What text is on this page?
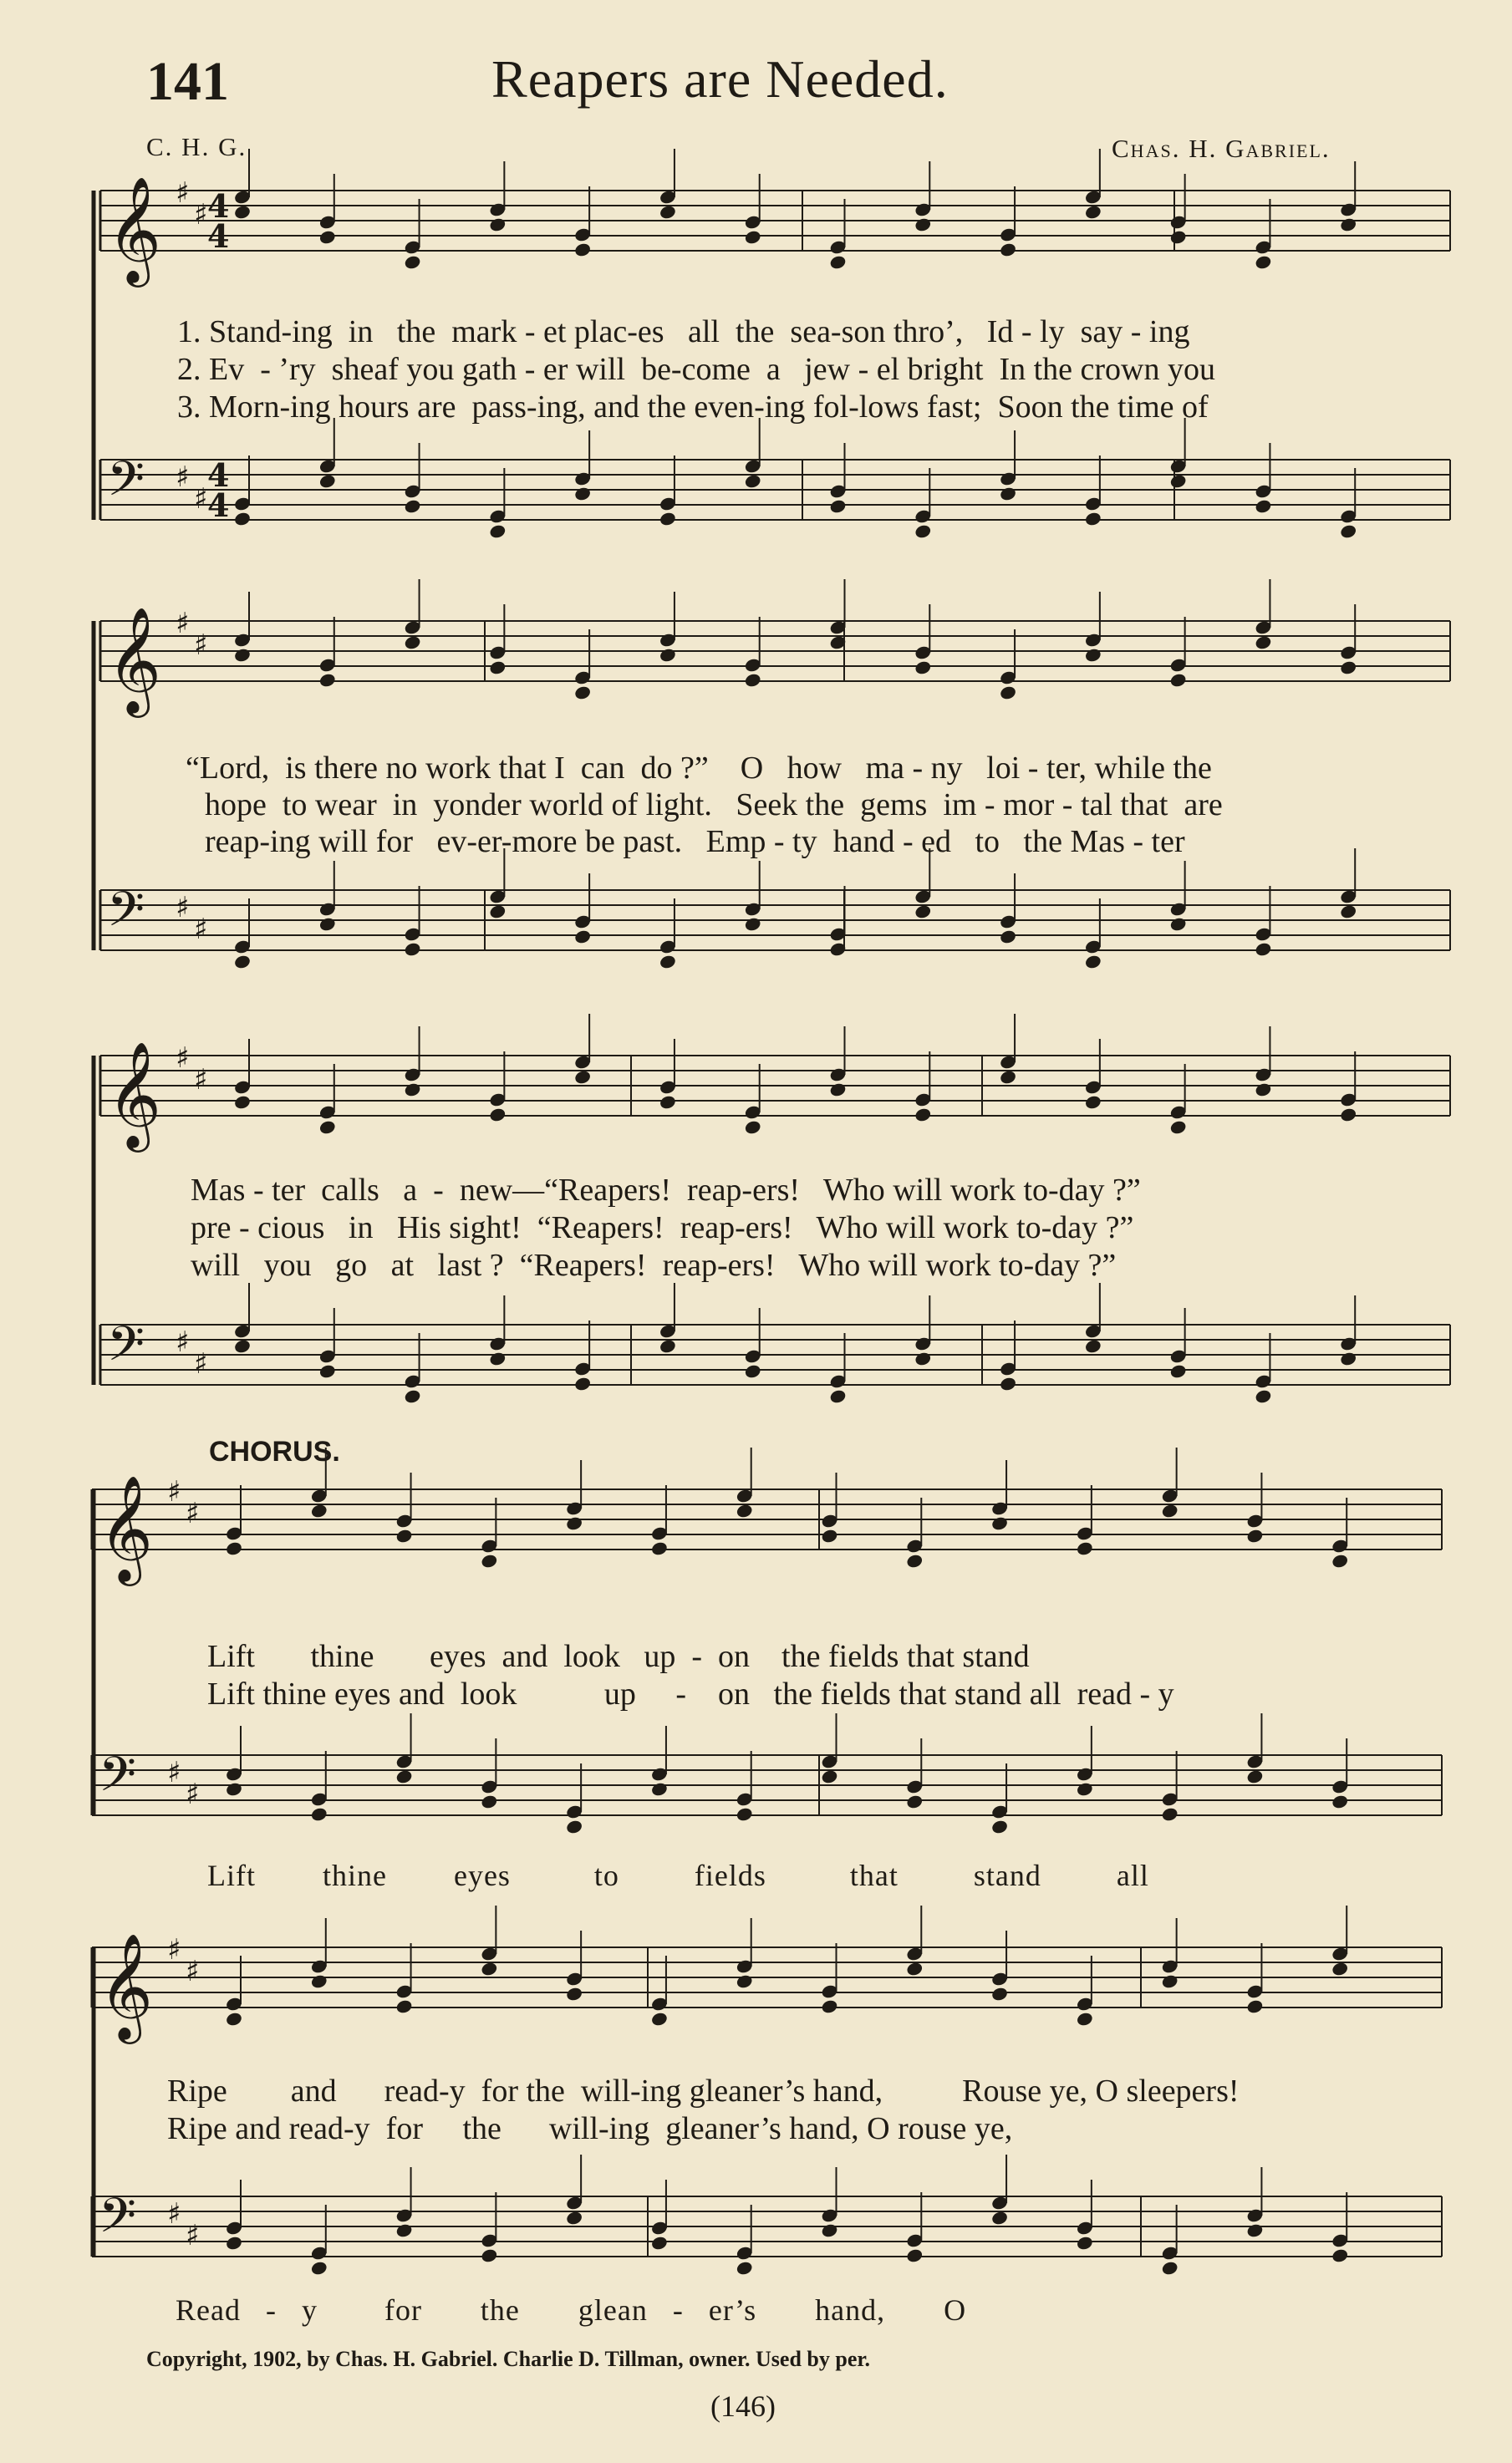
141	Reapers are Needed.
C. H. G.	Chas. H. Gabriel.
𝄞 ♯
♯
𝄢 ♯
♯
𝄞 ♯
♯
𝄢 ♯
♯
𝄞 ♯
♯
𝄢 ♯
♯
𝄞 ♯
♯
𝄢 ♯
♯
𝄞 ♯
♯
𝄢 ♯
♯
4
4
4
4
1. Stand-ing  in   the  mark - et plac-es   all  the  sea-son thro’,   Id - ly  say - ing
2. Ev  - ’ry  sheaf you gath - er will  be-come  a   jew - el bright  In the crown you
3. Morn-ing hours are  pass-ing, and the even-ing fol-lows fast;  Soon the time of
“Lord,  is there no work that I  can  do ?”    O   how   ma - ny   loi - ter, while the
hope  to wear  in  yonder world of light.   Seek the  gems  im - mor - tal that  are
reap-ing will for   ev-er-more be past.   Emp - ty  hand - ed   to   the Mas - ter
Mas - ter  calls   a  -  new—“Reapers!  reap-ers!   Who will work to-day ?”
pre - cious   in   His sight!  “Reapers!  reap-ers!   Who will work to-day ?”
will   you   go   at   last ?  “Reapers!  reap-ers!   Who will work to-day ?”
CHORUS.
Lift       thine       eyes  and  look   up  -  on    the fields that stand
Lift thine eyes and  look           up     -    on   the fields that stand all  read - y
Lift        thine        eyes          to         fields          that         stand         all
Ripe        and      read-y  for the  will-ing gleaner’s hand,          Rouse ye, O sleepers!
Ripe and read-y  for     the      will-ing  gleaner’s hand, O rouse ye,
Read   -   y        for       the       glean   -   er’s       hand,       O
Copyright, 1902, by Chas. H. Gabriel. Charlie D. Tillman, owner. Used by per.
(146)
